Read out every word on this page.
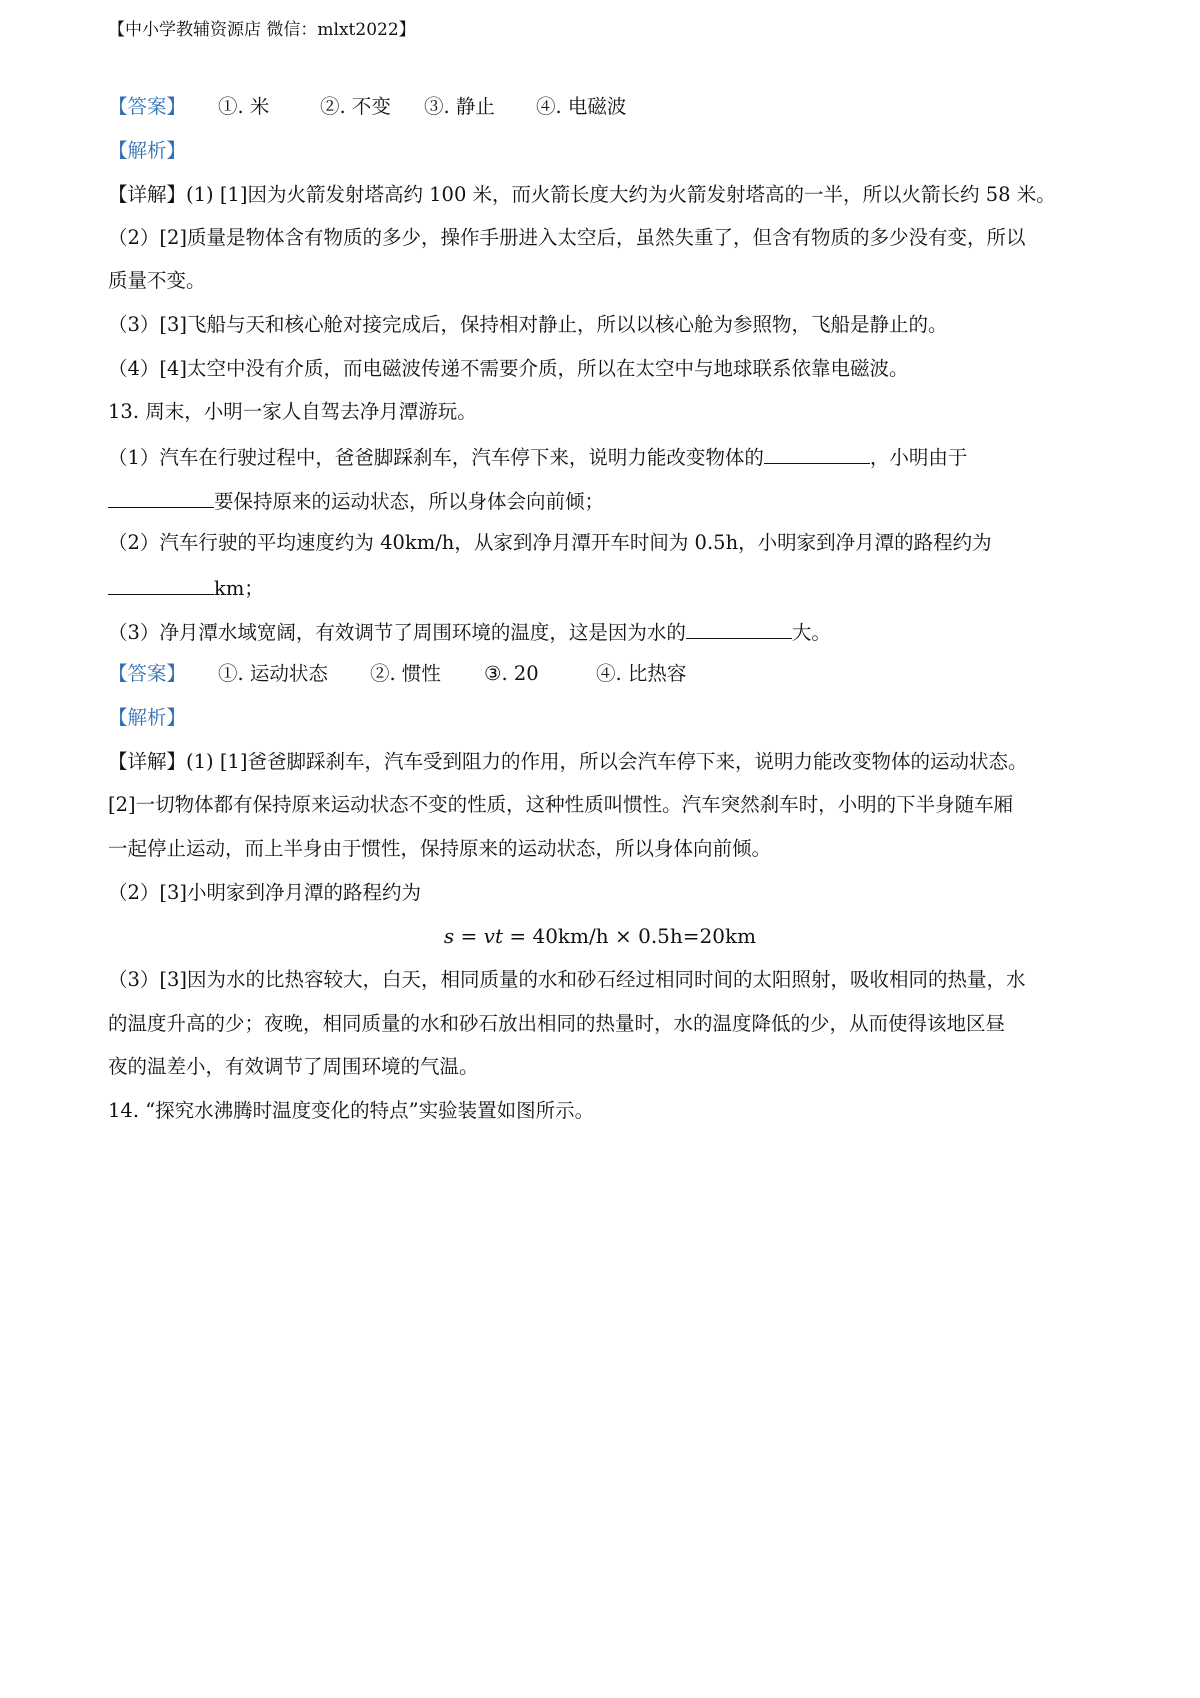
【中小学教辅资源店 微信：mlxt2022】
【答案】 ①. 米	②. 不变 ③. 静止 ④. 电磁波
【解析】
【详解】(1) [1]因为火箭发射塔高约 100 米，而火箭长度大约为火箭发射塔高的一半，所以火箭长约 58 米。
（2）[2]质量是物体含有物质的多少，操作手册进入太空后，虽然失重了，但含有物质的多少没有变，所以
质量不变。
（3）[3]飞船与天和核心舱对接完成后，保持相对静止，所以以核心舱为参照物，飞船是静止的。
（4）[4]太空中没有介质，而电磁波传递不需要介质，所以在太空中与地球联系依靠电磁波。
13. 周末，小明一家人自驾去净月潭游玩。
（1）汽车在行驶过程中，爸爸脚踩刹车，汽车停下来，说明力能改变物体的	，小明由于
要保持原来的运动状态，所以身体会向前倾；
（2）汽车行驶的平均速度约为 40km/h，从家到净月潭开车时间为 0.5h，小明家到净月潭的路程约为
km；
（3）净月潭水域宽阔，有效调节了周围环境的温度，这是因为水的	大。
【答案】 ①. 运动状态 ②. 惯性 ③. 20	④. 比热容
【解析】
【详解】(1) [1]爸爸脚踩刹车，汽车受到阻力的作用，所以会汽车停下来，说明力能改变物体的运动状态。
[2]一切物体都有保持原来运动状态不变的性质，这种性质叫惯性。汽车突然刹车时，小明的下半身随车厢
一起停止运动，而上半身由于惯性，保持原来的运动状态，所以身体向前倾。
（2）[3]小明家到净月潭的路程约为
s = vt = 40km/h × 0.5h=20km
（3）[3]因为水的比热容较大，白天，相同质量的水和砂石经过相同时间的太阳照射，吸收相同的热量，水
的温度升高的少；夜晚，相同质量的水和砂石放出相同的热量时，水的温度降低的少，从而使得该地区昼
夜的温差小，有效调节了周围环境的气温。
14. “探究水沸腾时温度变化的特点”实验装置如图所示。
